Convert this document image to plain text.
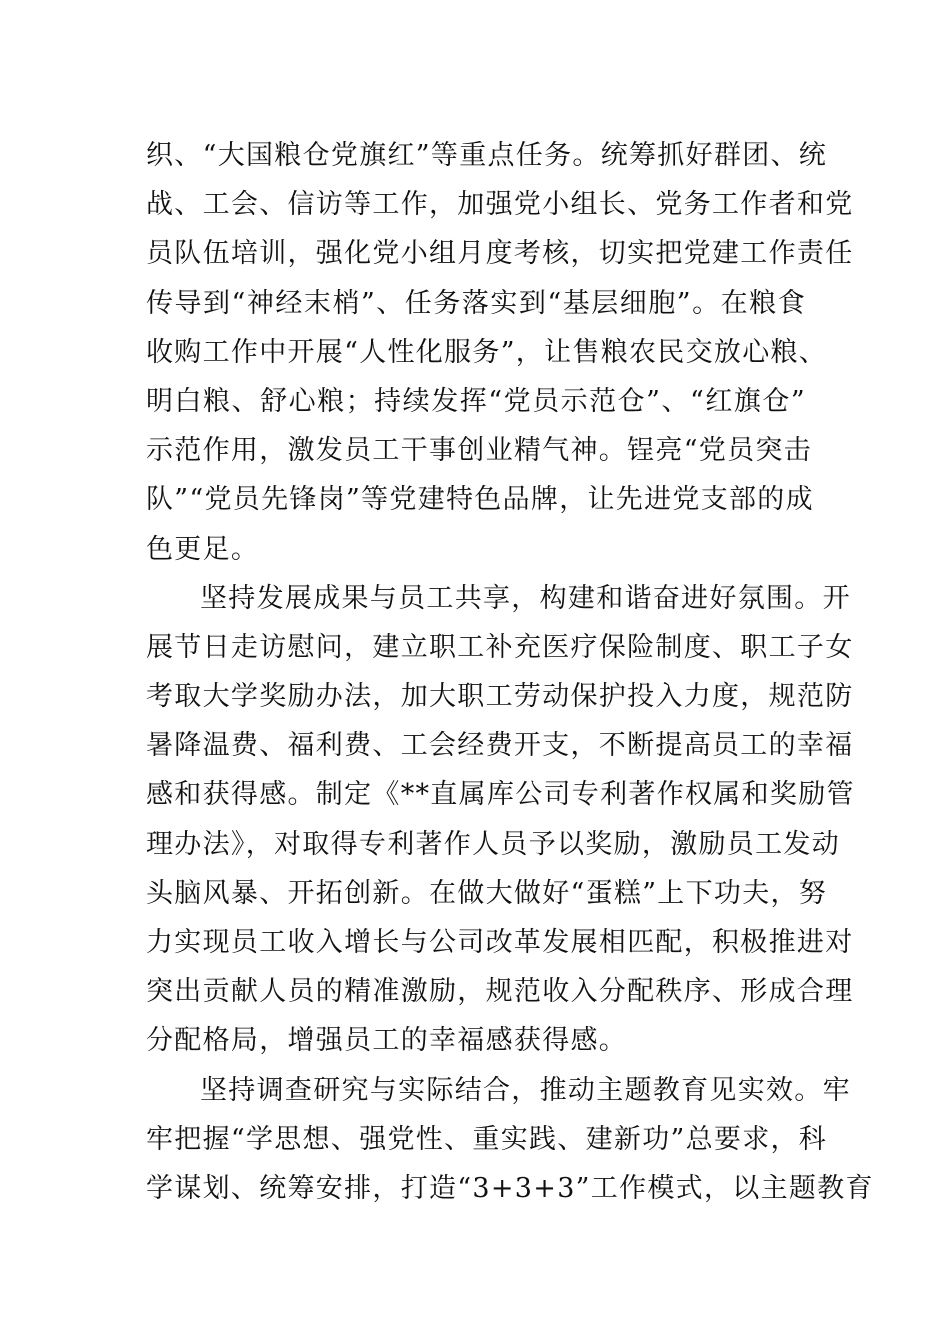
织、“大国粮仓党旗红”等重点任务。统筹抓好群团、统
战、工会、信访等工作，加强党小组长、党务工作者和党
员队伍培训，强化党小组月度考核，切实把党建工作责任
传导到“神经末梢”、任务落实到“基层细胞”。在粮食
收购工作中开展“人性化服务”，让售粮农民交放心粮、
明白粮、舒心粮；持续发挥“党员示范仓”、“红旗仓”
示范作用，激发员工干事创业精气神。锃亮“党员突击
队”“党员先锋岗”等党建特色品牌，让先进党支部的成
色更足。
坚持发展成果与员工共享，构建和谐奋进好氛围。开
展节日走访慰问，建立职工补充医疗保险制度、职工子女
考取大学奖励办法，加大职工劳动保护投入力度，规范防
暑降温费、福利费、工会经费开支，不断提高员工的幸福
感和获得感。制定《**直属库公司专利著作权属和奖励管
理办法》，对取得专利著作人员予以奖励，激励员工发动
头脑风暴、开拓创新。在做大做好“蛋糕”上下功夫，努
力实现员工收入增长与公司改革发展相匹配，积极推进对
突出贡献人员的精准激励，规范收入分配秩序、形成合理
分配格局，增强员工的幸福感获得感。
坚持调查研究与实际结合，推动主题教育见实效。牢
牢把握“学思想、强党性、重实践、建新功”总要求，科
学谋划、统筹安排，打造“3+3+3”工作模式，以主题教育
